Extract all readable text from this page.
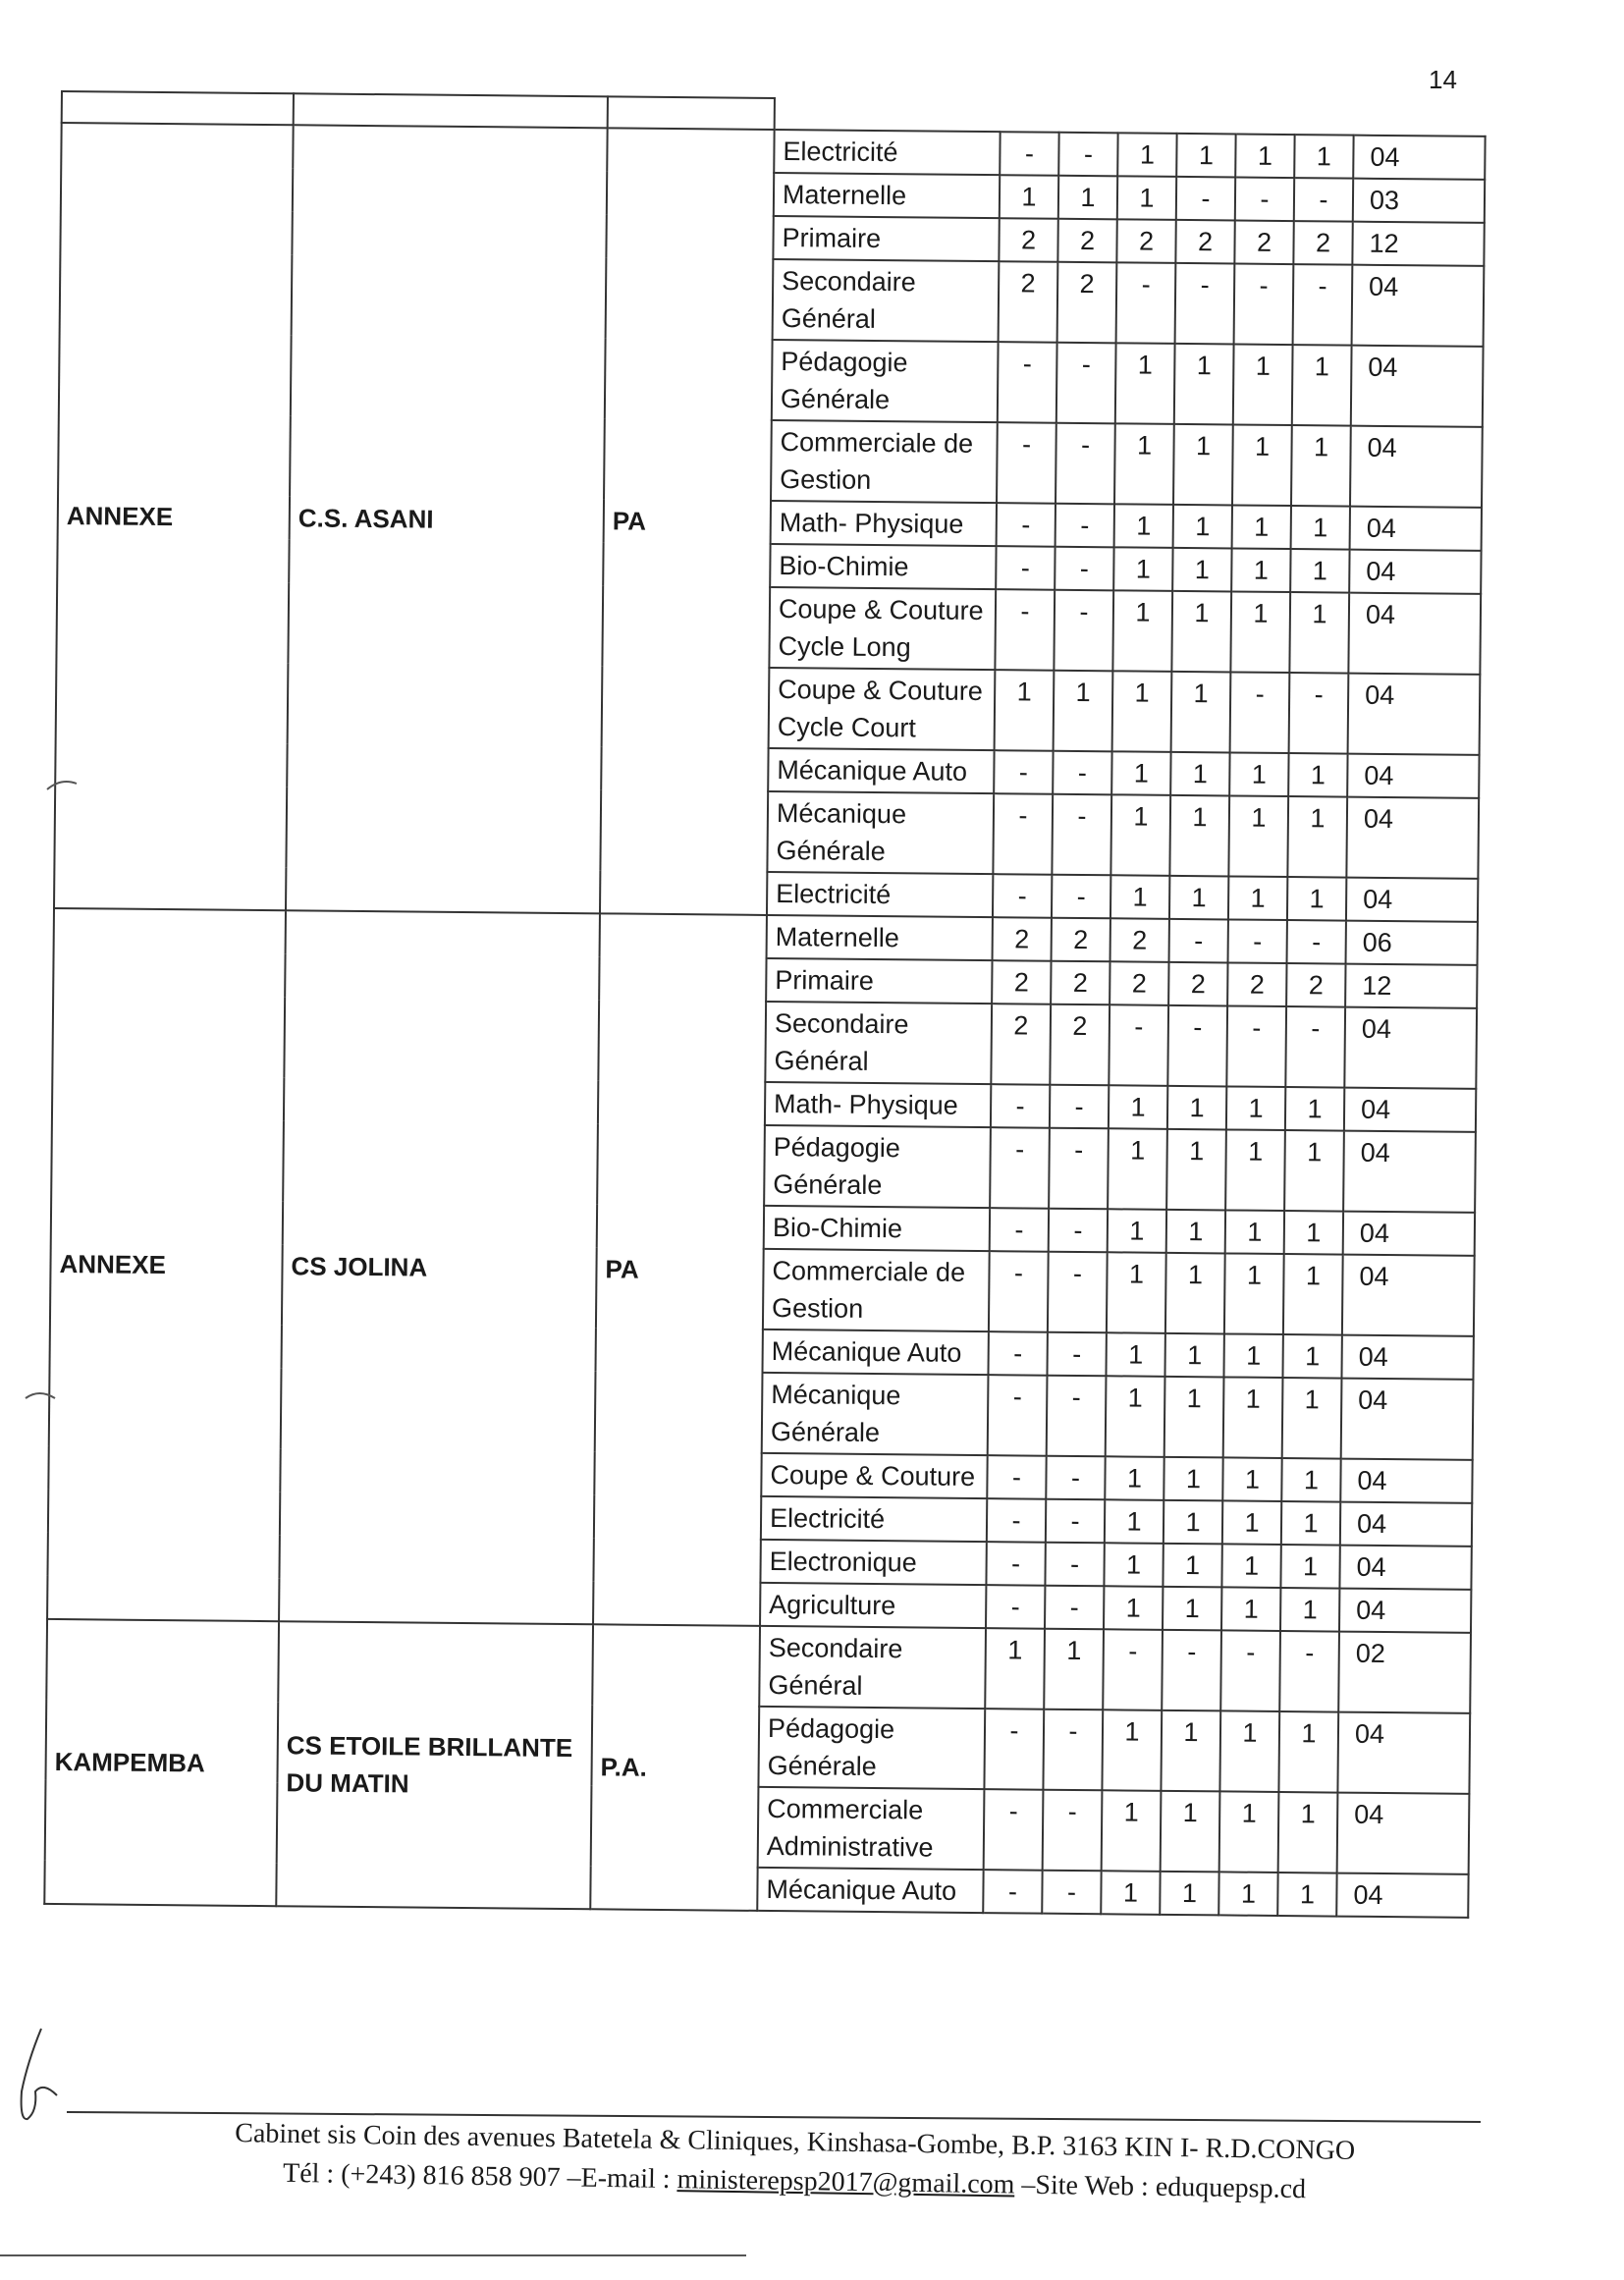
14

ANNEXE	C.S. ASANI	PA	Electricité	-	-	1	1	1	1	04
			Maternelle	1	1	1	-	-	-	03
			Primaire	2	2	2	2	2	2	12
			Secondaire Général	2	2	-	-	-	-	04
			Pédagogie Générale	-	-	1	1	1	1	04
			Commerciale de Gestion	-	-	1	1	1	1	04
			Math- Physique	-	-	1	1	1	1	04
			Bio-Chimie	-	-	1	1	1	1	04
			Coupe & Couture Cycle Long	-	-	1	1	1	1	04
			Coupe & Couture Cycle Court	1	1	1	1	-	-	04
			Mécanique Auto	-	-	1	1	1	1	04
			Mécanique Générale	-	-	1	1	1	1	04
			Electricité	-	-	1	1	1	1	04
ANNEXE	CS JOLINA	PA	Maternelle	2	2	2	-	-	-	06
			Primaire	2	2	2	2	2	2	12
			Secondaire Général	2	2	-	-	-	-	04
			Math- Physique	-	-	1	1	1	1	04
			Pédagogie Générale	-	-	1	1	1	1	04
			Bio-Chimie	-	-	1	1	1	1	04
			Commerciale de Gestion	-	-	1	1	1	1	04
			Mécanique Auto	-	-	1	1	1	1	04
			Mécanique Générale	-	-	1	1	1	1	04
			Coupe & Couture	-	-	1	1	1	1	04
			Electricité	-	-	1	1	1	1	04
			Electronique	-	-	1	1	1	1	04
			Agriculture	-	-	1	1	1	1	04
KAMPEMBA	CS ETOILE BRILLANTE DU MATIN	P.A.	Secondaire Général	1	1	-	-	-	-	02
			Pédagogie Générale	-	-	1	1	1	1	04
			Commerciale Administrative	-	-	1	1	1	1	04
			Mécanique Auto	-	-	1	1	1	1	04
Cabinet sis Coin des avenues Batetela & Cliniques, Kinshasa-Gombe, B.P. 3163 KIN I- R.D.CONGO
Tél : (+243) 816 858 907 –E-mail : ministerepsp2017@gmail.com –Site Web : eduquepsp.cd
